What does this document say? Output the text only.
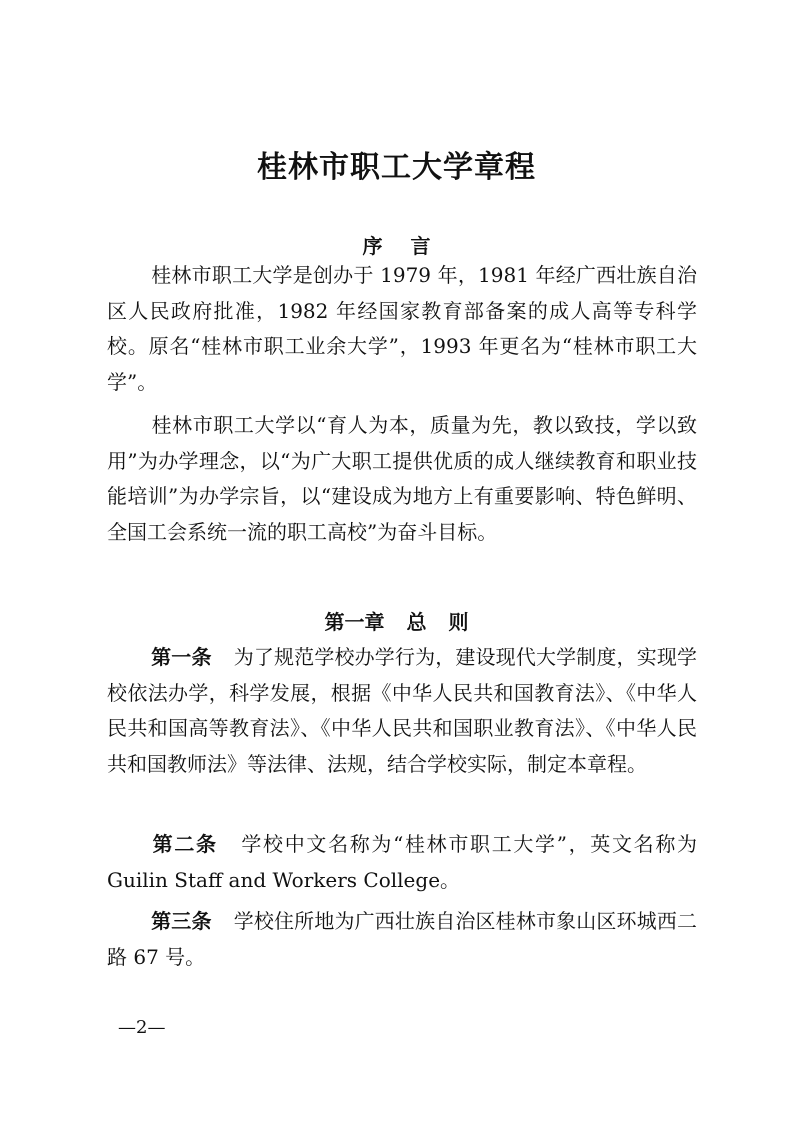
桂林市职工大学章程
序 言

桂林市职工大学是创办于 1979 年，1981 年经广西壮族自治区人民政府批准，1982 年经国家教育部备案的成人高等专科学校。原名“桂林市职工业余大学”，1993 年更名为“桂林市职工大学”。

桂林市职工大学以“育人为本，质量为先，教以致技，学以致用”为办学理念，以“为广大职工提供优质的成人继续教育和职业技能培训”为办学宗旨，以“建设成为地方上有重要影响、特色鲜明、全国工会系统一流的职工高校”为奋斗目标。

第一章 总 则

第一条 为了规范学校办学行为，建设现代大学制度，实现学校依法办学，科学发展，根据《中华人民共和国教育法》、《中华人民共和国高等教育法》、《中华人民共和国职业教育法》、《中华人民共和国教师法》等法律、法规，结合学校实际，制定本章程。

第二条 学校中文名称为“桂林市职工大学”，英文名称为 Guilin Staff and Workers College。

第三条 学校住所地为广西壮族自治区桂林市象山区环城西二路 67 号。

—2—
